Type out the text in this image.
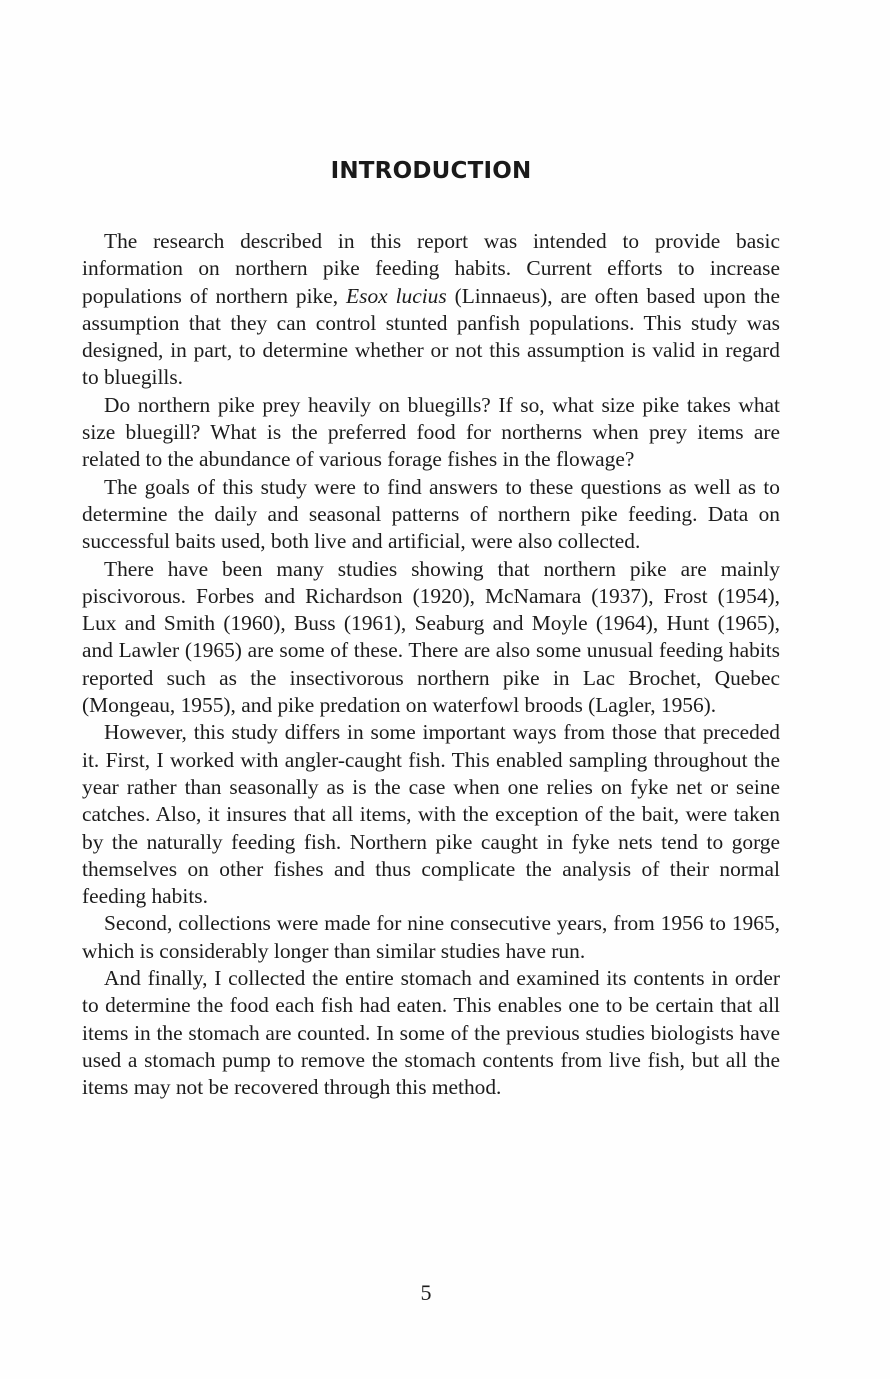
INTRODUCTION

The research described in this report was intended to provide basic information on northern pike feeding habits. Current efforts to increase populations of northern pike, Esox lucius (Linnaeus), are often based upon the assumption that they can control stunted panfish populations. This study was designed, in part, to determine whether or not this assumption is valid in regard to bluegills.

Do northern pike prey heavily on bluegills? If so, what size pike takes what size bluegill? What is the preferred food for northerns when prey items are related to the abundance of various forage fishes in the flowage?

The goals of this study were to find answers to these questions as well as to determine the daily and seasonal patterns of northern pike feeding. Data on successful baits used, both live and artificial, were also collected.

There have been many studies showing that northern pike are mainly piscivorous. Forbes and Richardson (1920), McNamara (1937), Frost (1954), Lux and Smith (1960), Buss (1961), Seaburg and Moyle (1964), Hunt (1965), and Lawler (1965) are some of these. There are also some unusual feeding habits reported such as the insectivorous northern pike in Lac Brochet, Quebec (Mongeau, 1955), and pike predation on waterfowl broods (Lagler, 1956).

However, this study differs in some important ways from those that preceded it. First, I worked with angler-caught fish. This enabled sampling throughout the year rather than seasonally as is the case when one relies on fyke net or seine catches. Also, it insures that all items, with the exception of the bait, were taken by the naturally feeding fish. Northern pike caught in fyke nets tend to gorge themselves on other fishes and thus complicate the analysis of their normal feeding habits.

Second, collections were made for nine consecutive years, from 1956 to 1965, which is considerably longer than similar studies have run.

And finally, I collected the entire stomach and examined its contents in order to determine the food each fish had eaten. This enables one to be certain that all items in the stomach are counted. In some of the previous studies biologists have used a stomach pump to remove the stomach contents from live fish, but all the items may not be recovered through this method.

5
